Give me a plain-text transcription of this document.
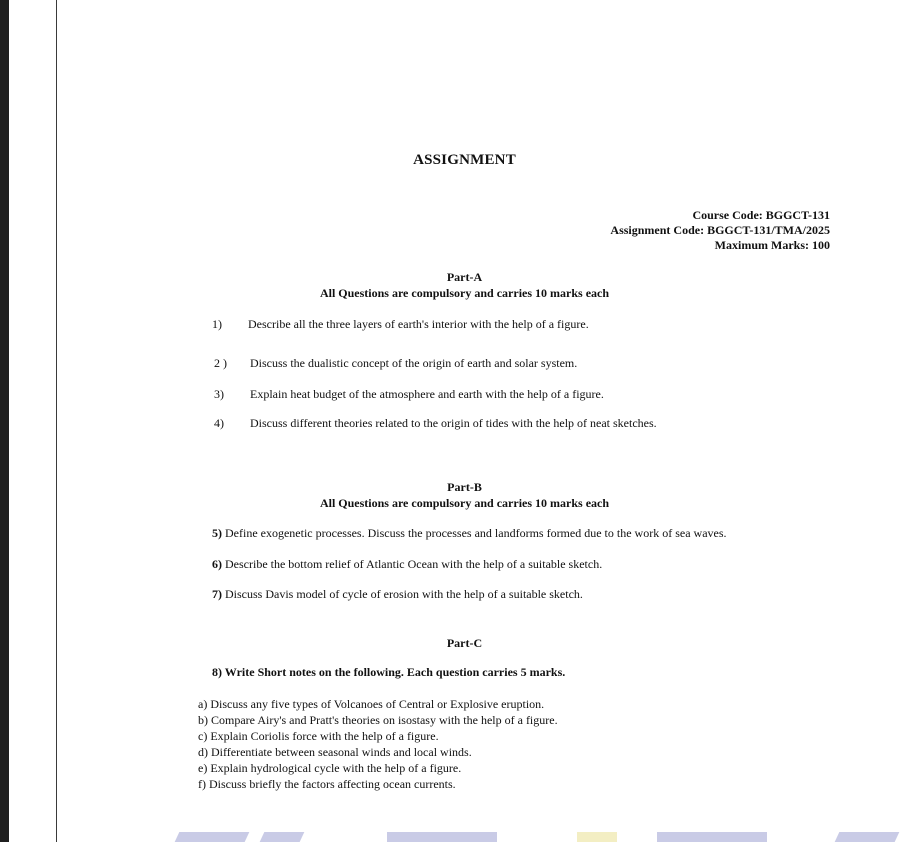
ASSIGNMENT
Course Code: BGGCT-131
Assignment Code: BGGCT-131/TMA/2025
Maximum Marks: 100
Part-A
All Questions are compulsory and carries 10 marks each
1) Describe all the three layers of earth's interior with the help of a figure.
2 ) Discuss the dualistic concept of the origin of earth and solar system.
3) Explain heat budget of the atmosphere and earth with the help of a figure.
4) Discuss different theories related to the origin of tides with the help of neat sketches.
Part-B
All Questions are compulsory and carries 10 marks each
5) Define exogenetic processes. Discuss the processes and landforms formed due to the work of sea waves.
6) Describe the bottom relief of Atlantic Ocean with the help of a suitable sketch.
7) Discuss Davis model of cycle of erosion with the help of a suitable sketch.
Part-C
8) Write Short notes on the following. Each question carries 5 marks.
a) Discuss any five types of Volcanoes of Central or Explosive eruption.
b) Compare Airy's and Pratt's theories on isostasy with the help of a figure.
c) Explain Coriolis force with the help of a figure.
d) Differentiate between seasonal winds and local winds.
e) Explain hydrological cycle with the help of a figure.
f) Discuss briefly the factors affecting ocean currents.
